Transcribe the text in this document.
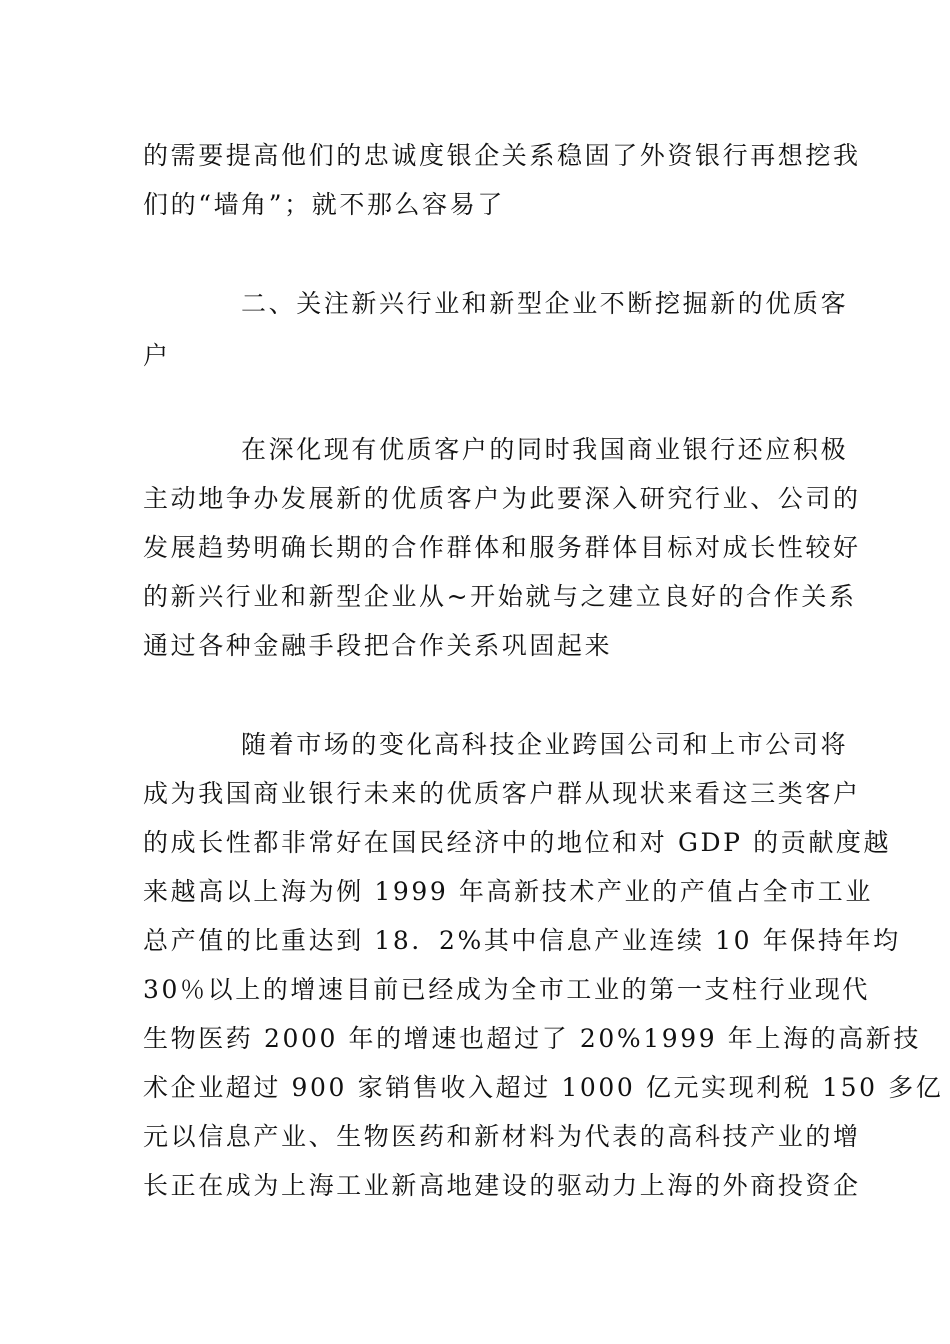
的需要提高他们的忠诚度银企关系稳固了外资银行再想挖我
们的“墙角”；就不那么容易了
二、关注新兴行业和新型企业不断挖掘新的优质客
户
在深化现有优质客户的同时我国商业银行还应积极
主动地争办发展新的优质客户为此要深入研究行业、公司的
发展趋势明确长期的合作群体和服务群体目标对成长性较好
的新兴行业和新型企业从~开始就与之建立良好的合作关系
通过各种金融手段把合作关系巩固起来
随着市场的变化高科技企业跨国公司和上市公司将
成为我国商业银行未来的优质客户群从现状来看这三类客户
的成长性都非常好在国民经济中的地位和对 GDP 的贡献度越
来越高以上海为例 1999 年高新技术产业的产值占全市工业
总产值的比重达到 18．2%其中信息产业连续 10 年保持年均
30％以上的增速目前已经成为全市工业的第一支柱行业现代
生物医药 2000 年的增速也超过了 20%1999 年上海的高新技
术企业超过 900 家销售收入超过 1000 亿元实现利税 150 多亿
元以信息产业、生物医药和新材料为代表的高科技产业的增
长正在成为上海工业新高地建设的驱动力上海的外商投资企
